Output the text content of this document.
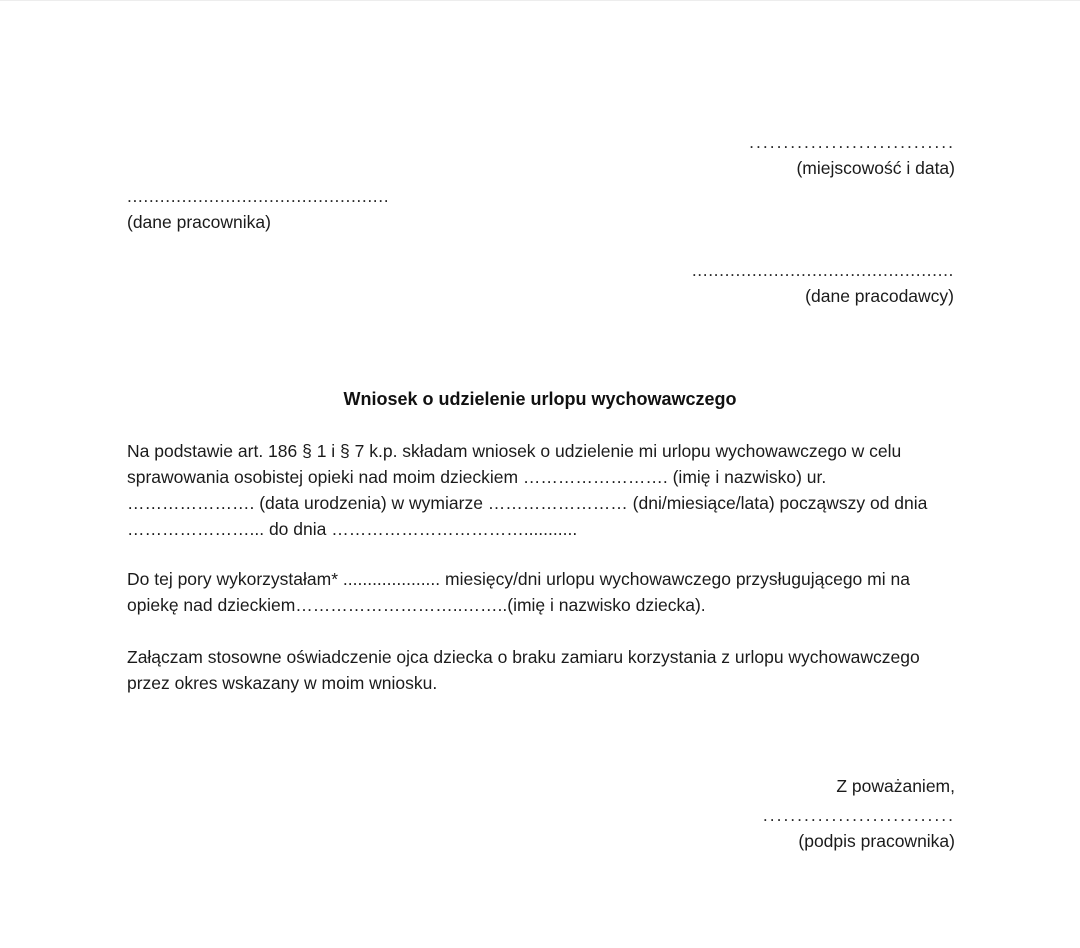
..............................
(miejscowość i data)
................................................
(dane pracownika)
................................................
(dane pracodawcy)
Wniosek o udzielenie urlopu wychowawczego

Na podstawie art. 186 § 1 i § 7 k.p. składam wniosek o udzielenie mi urlopu wychowawczego w celu sprawowania osobistej opieki nad moim dzieckiem ……………………. (imię i nazwisko) ur. …………………. (data urodzenia) w wymiarze …………………… (dni/miesiące/lata) począwszy od dnia …………………... do dnia ……………………………...........

Do tej pory wykorzystałam* .................... miesięcy/dni urlopu wychowawczego przysługującego mi na opiekę nad dzieckiem………………………..……..(imię i nazwisko dziecka).

Załączam stosowne oświadczenie ojca dziecka o braku zamiaru korzystania z urlopu wychowawczego przez okres wskazany w moim wniosku.

Z poważaniem,
............................
(podpis pracownika)
